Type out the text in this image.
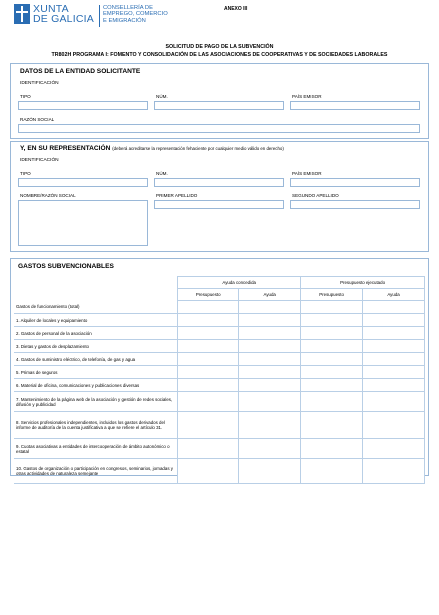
XUNTA
DE GALICIA
CONSELLERÍA DE
EMPREGO, COMERCIO
E EMIGRACIÓN
ANEXO III
SOLICITUD DE PAGO DE LA SUBVENCIÓN
TR802H PROGRAMA I: FOMENTO Y CONSOLIDACIÓN DE LAS ASOCIACIONES DE COOPERATIVAS Y DE SOCIEDADES LABORALES
DATOS DE LA ENTIDAD SOLICITANTE
IDENTIFICACIÓN
TIPO	NÚM.	PAÍS EMISOR
RAZÓN SOCIAL
Y, EN SU REPRESENTACIÓN (deberá acreditarse la representación fehaciente por cualquier medio válido en derecho)
IDENTIFICACIÓN
TIPO	NÚM.	PAÍS EMISOR
NOMBRE/RAZÓN SOCIAL	PRIMER APELLIDO	SEGUNDO APELLIDO
GASTOS SUBVENCIONABLES
	Ayuda concedida		Presupuesto ejecutado	
	Presupuesto	Ayuda	Presupuesto	Ayuda
Gastos de funcionamiento (total)				
1. Alquiler de locales y equipamiento				
2. Gastos de personal de la asociación				
3. Dietas y gastos de desplazamiento				
4. Gastos de suministro eléctrico, de telefonía, de gas y agua				
5. Primas de seguros				
6. Material de oficina, comunicaciones y publicaciones diversas				
7. Mantenimiento de la página web de la asociación y gestión de redes sociales, difusión y publicidad				
8. Servicios profesionales independientes, incluidos los gastos derivados del informe de auditoría de la cuenta justificativa a que se refiere el artículo 31.				
9. Cuotas asociativas a entidades de intercooperación de ámbito autonómico o estatal				
10. Gastos de organización o participación en congresos, seminarios, jornadas y otras actividades de naturaleza semejante				
